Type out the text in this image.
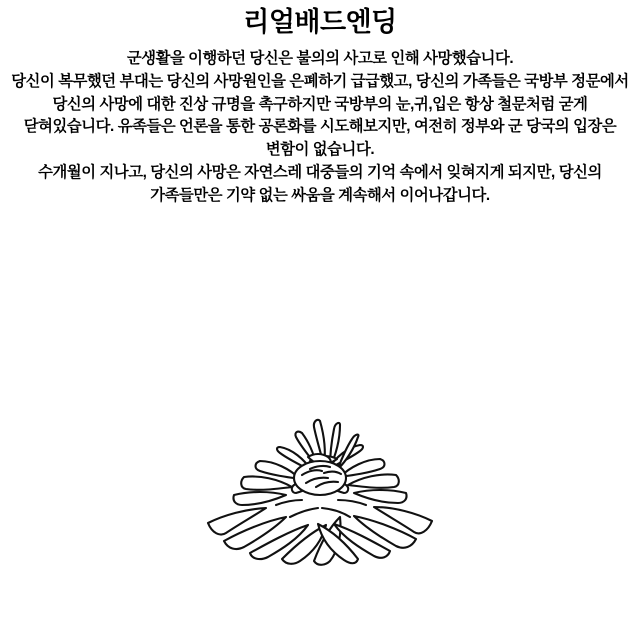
리얼배드엔딩

군생활을 이행하던 당신은 불의의 사고로 인해 사망했습니다.

당신이 복무했던 부대는 당신의 사망원인을 은폐하기 급급했고, 당신의 가족들은 국방부 정문에서 당신의 사망에 대한 진상 규명을 촉구하지만 국방부의 눈,귀,입은 항상 철문처럼 굳게 닫혀있습니다. 유족들은 언론을 통한 공론화를 시도해보지만, 여전히 정부와 군 당국의 입장은 변함이 없습니다.

수개월이 지나고, 당신의 사망은 자연스레 대중들의 기억 속에서 잊혀지게 되지만, 당신의 가족들만은 기약 없는 싸움을 계속해서 이어나갑니다.
